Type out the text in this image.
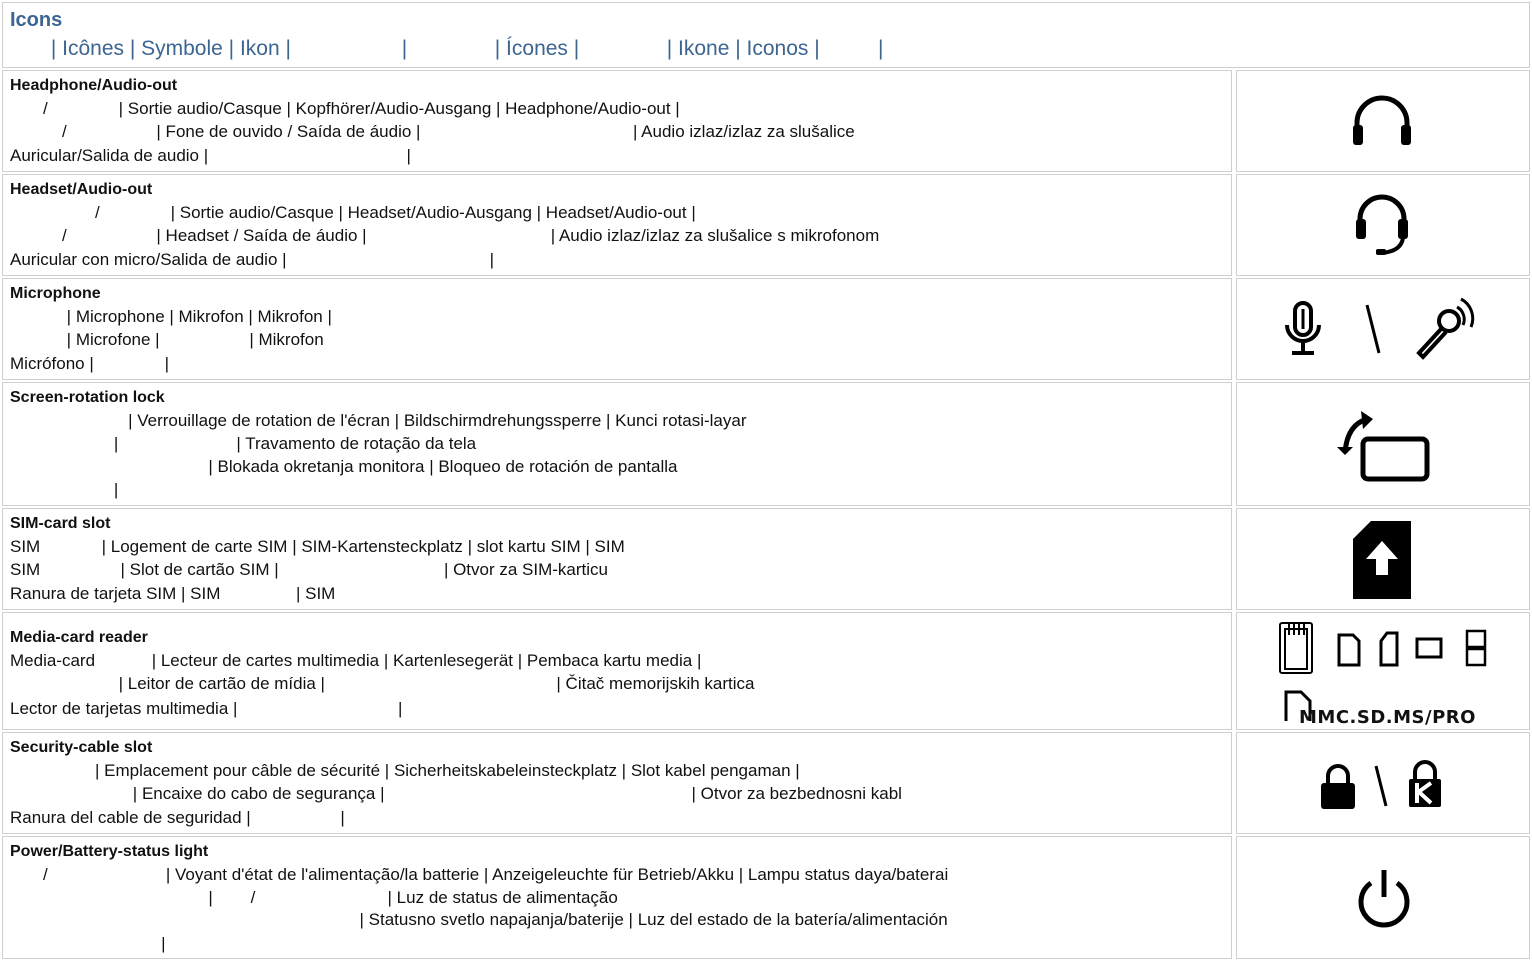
Icons
| Icônes | Symbole | Ikon |                   |               | Ícones |               | Ikone | Iconos |          |
Headphone/Audio-out
/               | Sortie audio/Casque | Kopfhörer/Audio-Ausgang | Headphone/Audio-out |
/                   | Fone de ouvido / Saída de áudio |                                             | Audio izlaz/izlaz za slušalice
Auricular/Salida de audio |                                          |
Headset/Audio-out
/               | Sortie audio/Casque | Headset/Audio-Ausgang | Headset/Audio-out |
/                   | Headset / Saída de áudio |                                       | Audio izlaz/izlaz za slušalice s mikrofonom
Auricular con micro/Salida de audio |                                           |
Microphone
| Microphone | Mikrofon | Mikrofon |
| Microfone |                   | Mikrofon
Micrófono |               |
Screen-rotation lock
| Verrouillage de rotation de l'écran | Bildschirmdrehungssperre | Kunci rotasi-layar
|                         | Travamento de rotação da tela
| Blokada okretanja monitora | Bloqueo de rotación de pantalla
|
SIM-card slot
SIM             | Logement de carte SIM | SIM-Kartensteckplatz | slot kartu SIM | SIM
SIM                 | Slot de cartão SIM |                                   | Otvor za SIM-karticu
Ranura de tarjeta SIM | SIM                | SIM
Media-card reader
Media-card            | Lecteur de cartes multimedia | Kartenlesegerät | Pembaca kartu media |
| Leitor de cartão de mídia |                                                 | Čitač memorijskih kartica
Lector de tarjetas multimedia |                                  |	MMC.SD.MS/PRO
Security-cable slot
| Emplacement pour câble de sécurité | Sicherheitskabeleinsteckplatz | Slot kabel pengaman |
| Encaixe do cabo de segurança |                                                                 | Otvor za bezbednosni kabl
Ranura del cable de seguridad |                   |
Power/Battery-status light
/                         | Voyant d'état de l'alimentação/la batterie | Anzeigeleuchte für Betrieb/Akku | Lampu status daya/baterai
|        /                            | Luz de status de alimentação
| Statusno svetlo napajanja/baterije | Luz del estado de la batería/alimentación
|
